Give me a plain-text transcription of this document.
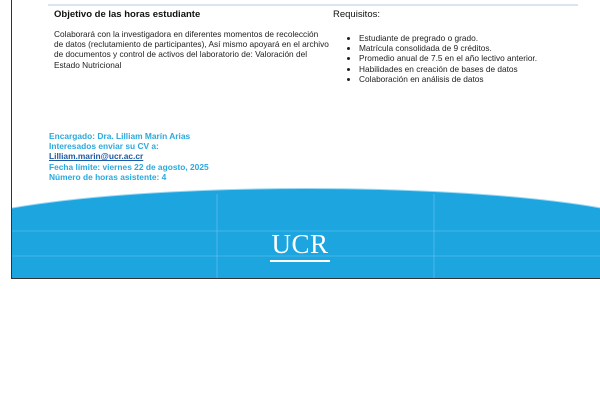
Objetivo de las horas estudiante
Colaborará con la investigadora en diferentes momentos de recolección de datos (reclutamiento de participantes), Así mismo apoyará en el archivo de documentos y control de activos del laboratorio de: Valoración del Estado Nutricional
Requisitos:
• Estudiante de pregrado o grado.
• Matrícula consolidada de 9 créditos.
• Promedio anual de 7.5 en el año lectivo anterior.
• Habilidades en creación de bases de datos
• Colaboración en análisis de datos
Encargado: Dra. Lilliam Marín Arias
Interesados enviar su CV a:
Lilliam.marin@ucr.ac.cr
Fecha límite: viernes 22 de agosto, 2025
Número de horas asistente: 4
UCR
